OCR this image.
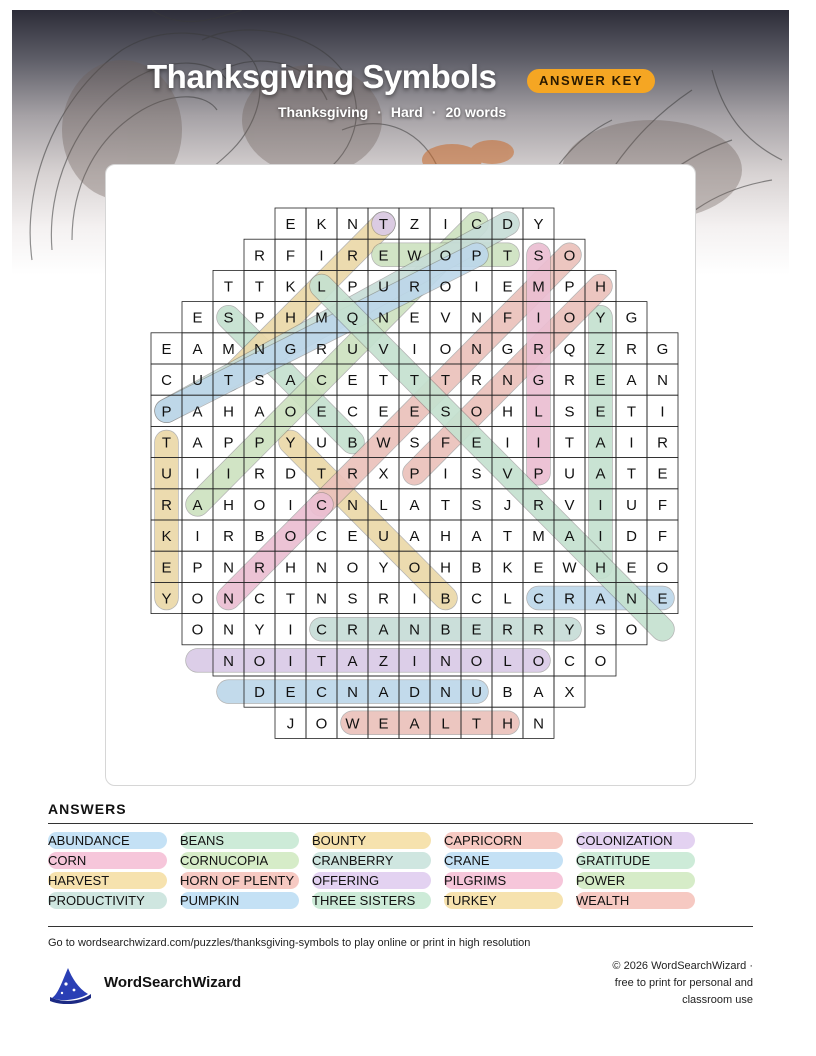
Thanksgiving Symbols	ANSWER KEY
Thanksgiving · Hard · 20 words
E K N T Z I C D Y
R F I R E W O P T S O
T T K L P U R O I E M P H
E S P H M Q N E V N F I O Y G
E A M N G R U V I O N G R Q Z R G
C U T S A C E T T T R N G R E A N
P A H A O E C E E S O H L S E T I
T A P P Y U B W S F E I I T A I R
U I I R D T R X P I S V P U A T E
R A H O I C N L A T S J R V I U F
K I R B O C E U A H A T M A I D F
E P N R H N O Y O H B K E W H E O
Y O N C T N S R I B C L C R A N E
O N Y I C R A N B E R R Y S O
N O I T A Z I N O L O C O
D E C N A D N U B A X
J O W E A L T H N
ANSWERS
ABUNDANCE
CORN
HARVEST
PRODUCTIVITY
BEANS
CORNUCOPIA
HORN OF PLENTY
PUMPKIN
BOUNTY
CRANBERRY
OFFERING
THREE SISTERS
CAPRICORN
CRANE
PILGRIMS
TURKEY
COLONIZATION
GRATITUDE
POWER
WEALTH
Go to wordsearchwizard.com/puzzles/thanksgiving-symbols to play online or print in high resolution
WordSearchWizard
© 2026 WordSearchWizard ·
free to print for personal and
classroom use
